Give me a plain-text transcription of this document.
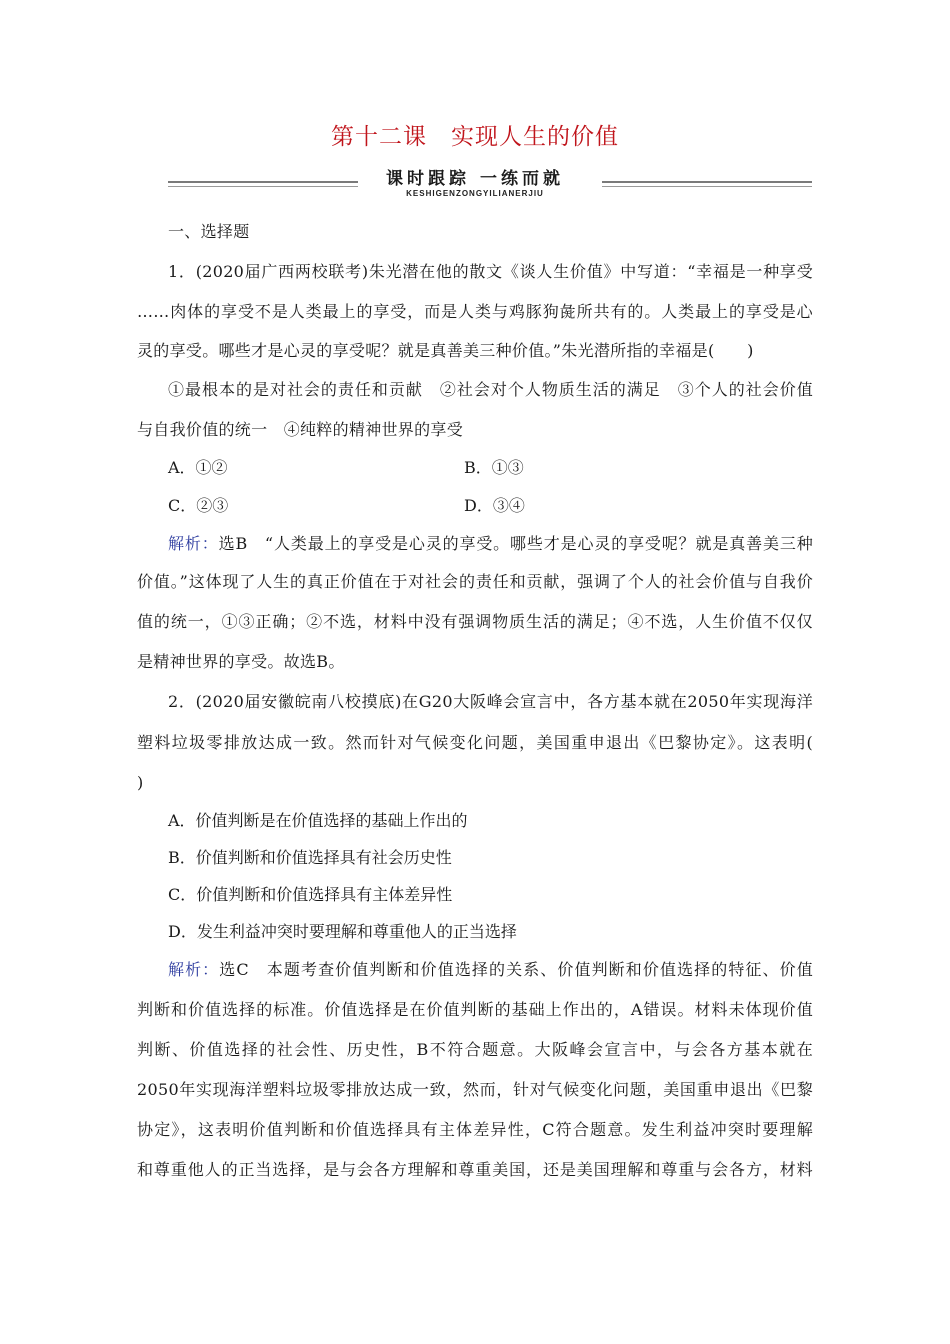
第十二课　实现人生的价值
课时跟踪 一练而就
KESHIGENZONGYILIANERJIU
一、选择题
1．(2020届广西两校联考)朱光潜在他的散文《谈人生价值》中写道：“幸福是一种享受
……肉体的享受不是人类最上的享受，而是人类与鸡豚狗彘所共有的。人类最上的享受是心
灵的享受。哪些才是心灵的享受呢？就是真善美三种价值。”朱光潜所指的幸福是(　　)
①最根本的是对社会的责任和贡献　②社会对个人物质生活的满足　③个人的社会价值
与自我价值的统一　④纯粹的精神世界的享受
A．①②	B．①③
C．②③	D．③④
解析：选B　“人类最上的享受是心灵的享受。哪些才是心灵的享受呢？就是真善美三种
价值。”这体现了人生的真正价值在于对社会的责任和贡献，强调了个人的社会价值与自我价
值的统一，①③正确；②不选，材料中没有强调物质生活的满足；④不选，人生价值不仅仅
是精神世界的享受。故选B。
2．(2020届安徽皖南八校摸底)在G20大阪峰会宣言中，各方基本就在2050年实现海洋
塑料垃圾零排放达成一致。然而针对气候变化问题，美国重申退出《巴黎协定》。这表明(
)
A．价值判断是在价值选择的基础上作出的
B．价值判断和价值选择具有社会历史性
C．价值判断和价值选择具有主体差异性
D．发生利益冲突时要理解和尊重他人的正当选择
解析：选C　本题考查价值判断和价值选择的关系、价值判断和价值选择的特征、价值
判断和价值选择的标准。价值选择是在价值判断的基础上作出的，A错误。材料未体现价值
判断、价值选择的社会性、历史性，B不符合题意。大阪峰会宣言中，与会各方基本就在
2050年实现海洋塑料垃圾零排放达成一致，然而，针对气候变化问题，美国重申退出《巴黎
协定》，这表明价值判断和价值选择具有主体差异性，C符合题意。发生利益冲突时要理解
和尊重他人的正当选择，是与会各方理解和尊重美国，还是美国理解和尊重与会各方，材料
